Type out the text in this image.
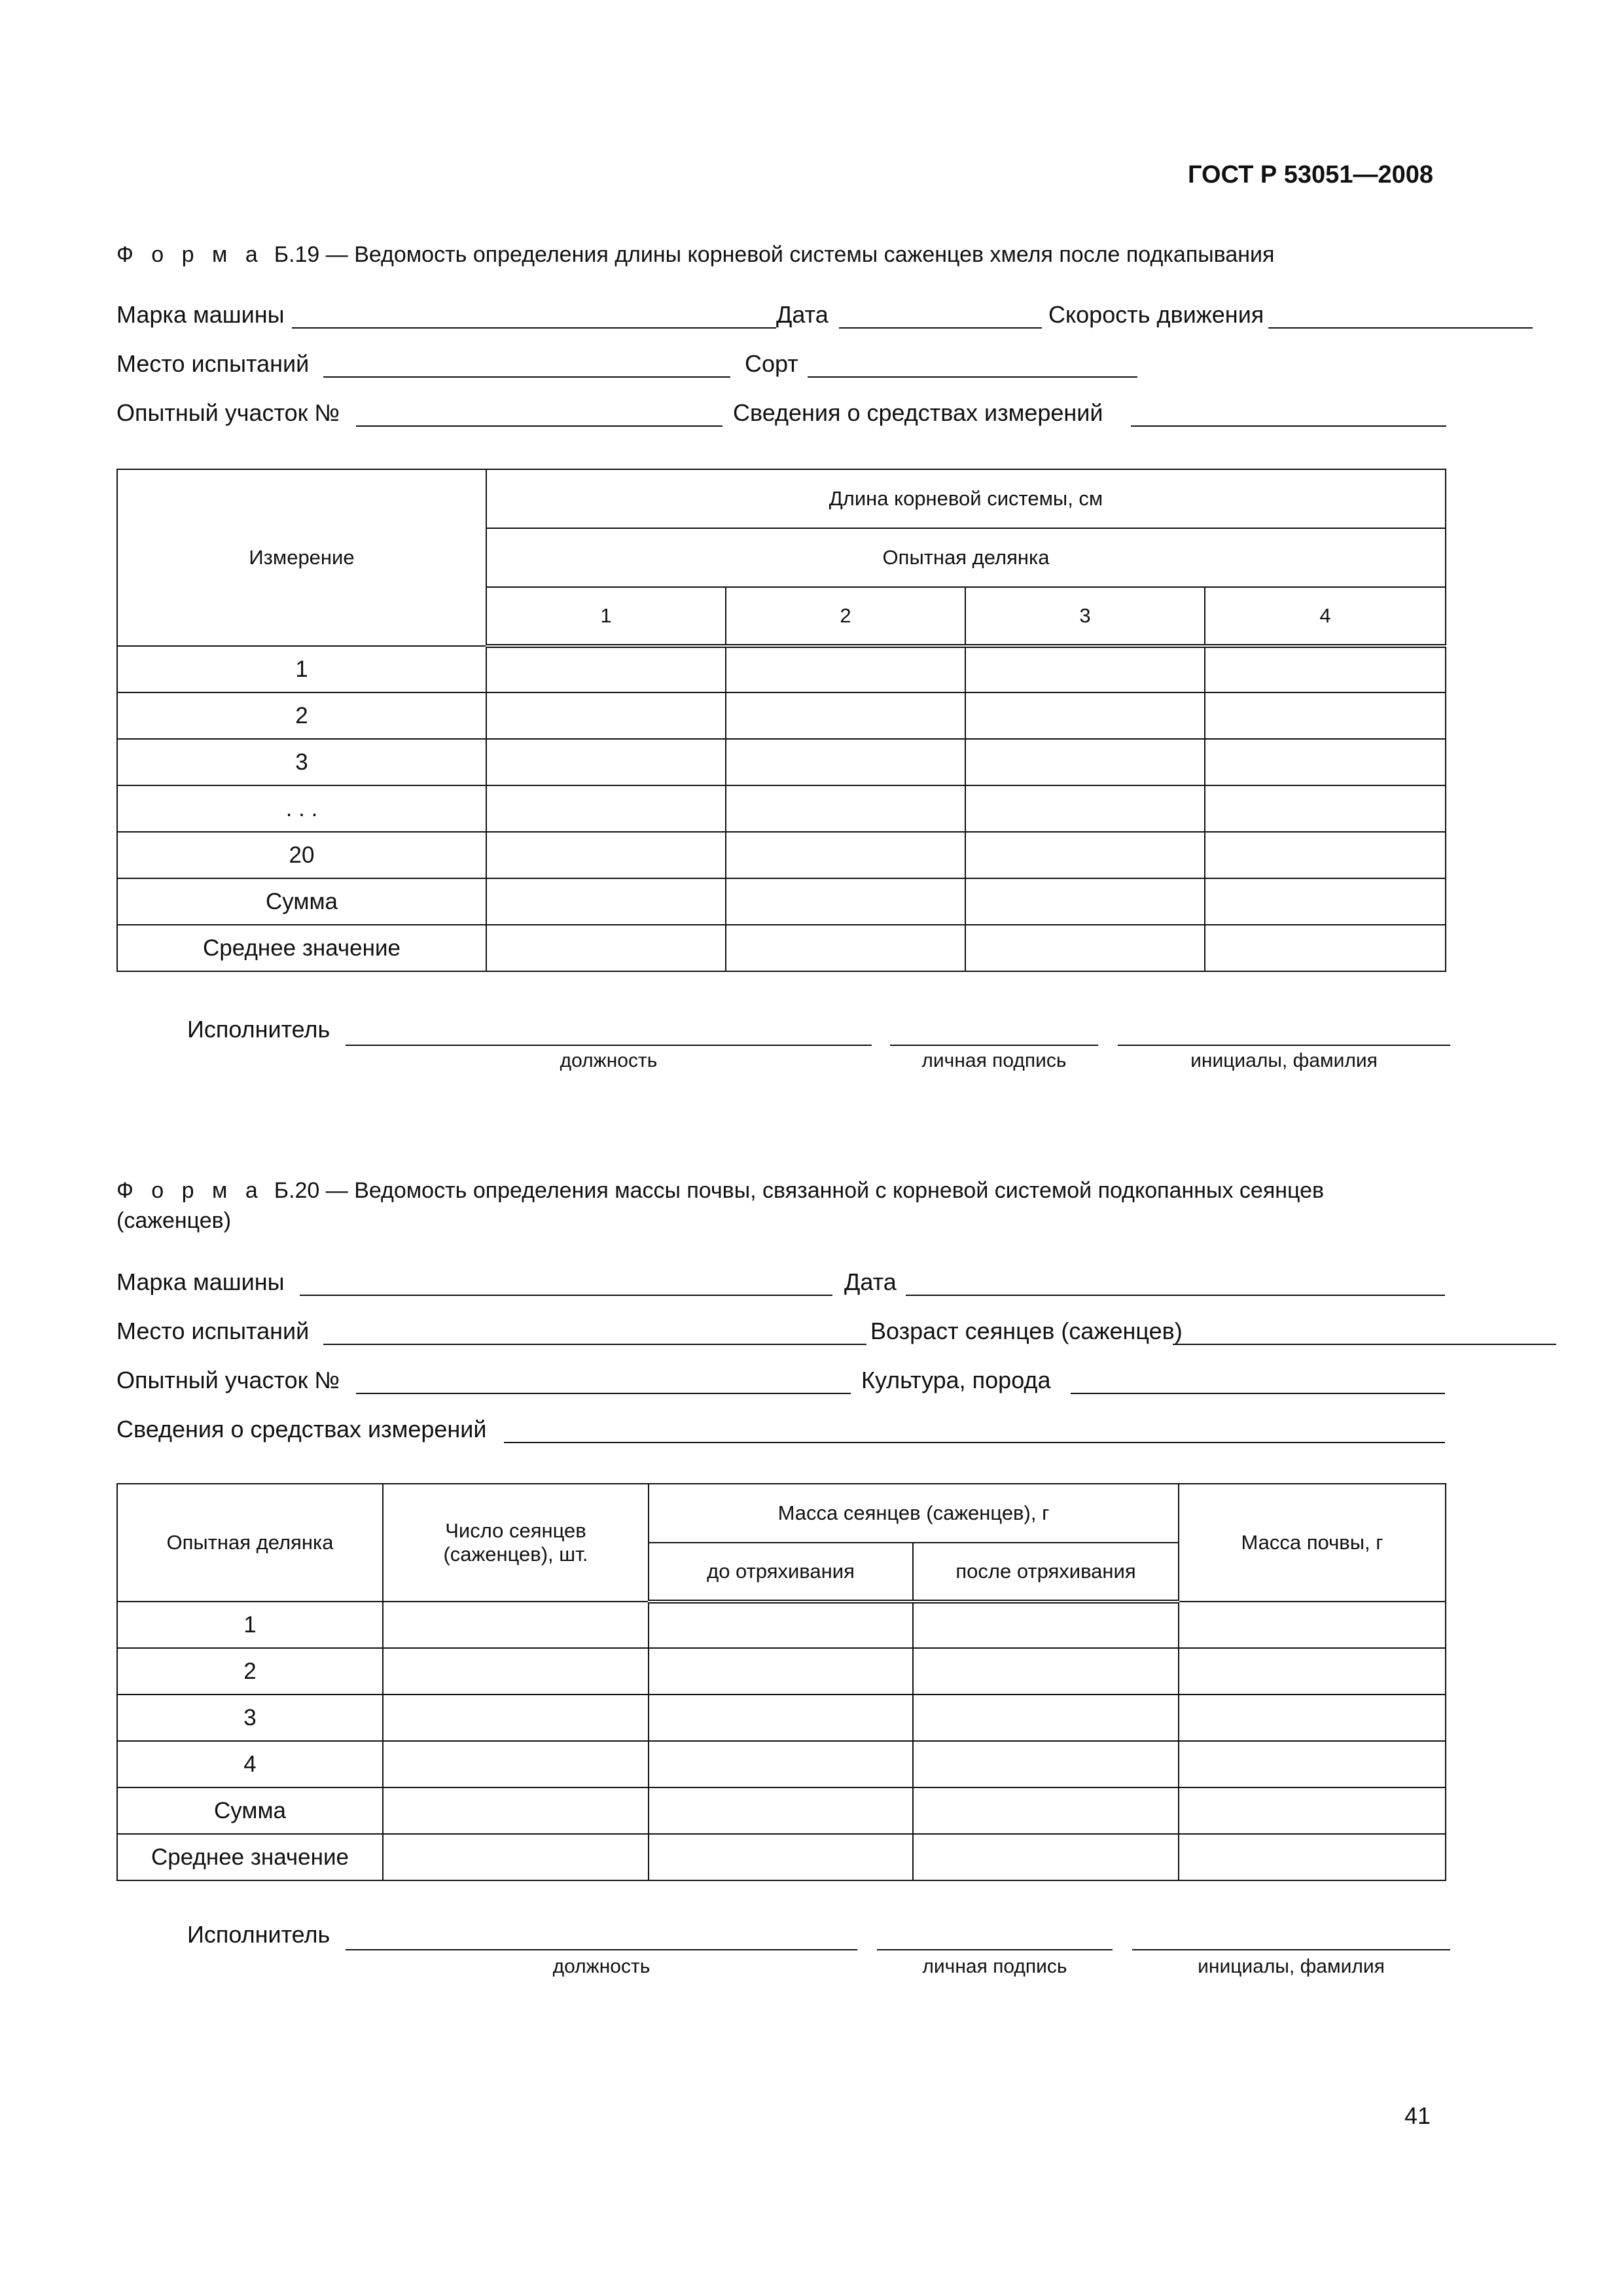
ГОСТ Р 53051—2008
Ф о р м а Б.19 — Ведомость определения длины корневой системы саженцев хмеля после подкапывания
Марка машины	Дата	Скорость движения
Место испытаний	Сорт
Опытный участок №	Сведения о средствах измерений
Измерение	Длина корневой системы, см			
	Опытная делянка			
	1	2	3	4
1				
2				
3				
. . .				
20				
Сумма				
Среднее значение				
Исполнитель
должность	личная подпись	инициалы, фамилия
Ф о р м а Б.20 — Ведомость определения массы почвы, связанной с корневой системой подкопанных сеянцев (саженцев)
Марка машины	Дата
Место испытаний	Возраст сеянцев (саженцев)
Опытный участок №	Культура, порода
Сведения о средствах измерений
Опытная делянка	Число сеянцев (саженцев), шт.	Масса сеянцев (саженцев), г		Масса почвы, г
		до отряхивания	после отряхивания	
1				
2				
3				
4				
Сумма				
Среднее значение				
Исполнитель
должность	личная подпись	инициалы, фамилия
41
